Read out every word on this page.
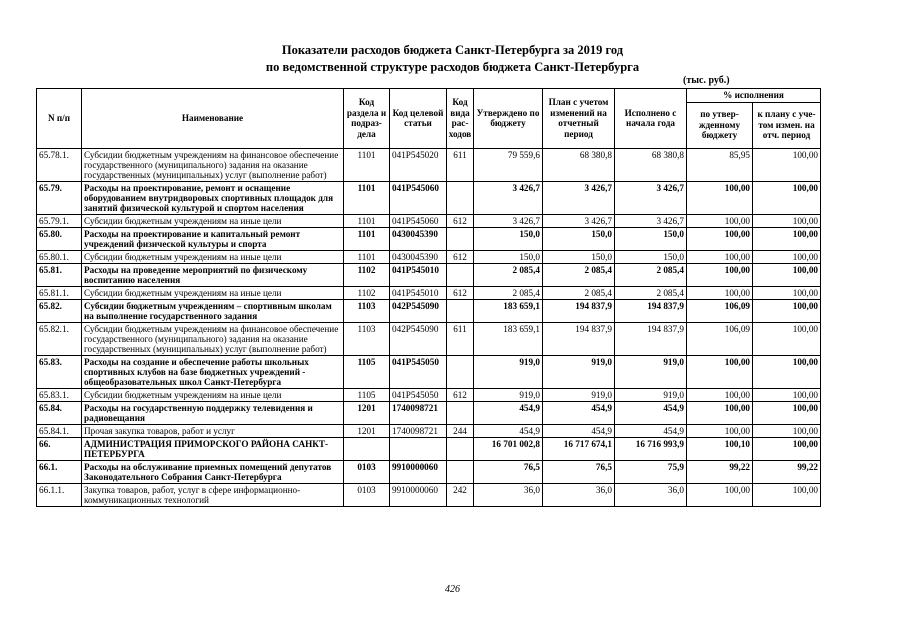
Показатели расходов бюджета Санкт-Петербурга за 2019 год
по ведомственной структуре расходов бюджета Санкт-Петербурга
(тыс. руб.)
N п/п	Наименование	Код раздела и подраз- дела	Код целевой статьи	Код вида рас- ходов	Утверждено по бюджету	План с учетом изменений на отчетный период	Исполнено с начала года	% исполнения	
								по утвер- жденному бюджету	к плану с уче- том измен. на отч. период
65.78.1.	Субсидии бюджетным учреждениям на финансовое обеспечение государственного (муниципального) задания на оказание государственных (муниципальных) услуг (выполнение работ)	1101	041P545020	611	79 559,6	68 380,8	68 380,8	85,95	100,00
65.79.	Расходы на проектирование, ремонт и оснащение оборудованием внутридворовых спортивных площадок для занятий физической культурой и спортом населения	1101	041P545060		3 426,7	3 426,7	3 426,7	100,00	100,00
65.79.1.	Субсидии бюджетным учреждениям на иные цели	1101	041P545060	612	3 426,7	3 426,7	3 426,7	100,00	100,00
65.80.	Расходы на проектирование и капитальный ремонт учреждений физической культуры и спорта	1101	0430045390		150,0	150,0	150,0	100,00	100,00
65.80.1.	Субсидии бюджетным учреждениям на иные цели	1101	0430045390	612	150,0	150,0	150,0	100,00	100,00
65.81.	Расходы на проведение мероприятий по физическому воспитанию населения	1102	041P545010		2 085,4	2 085,4	2 085,4	100,00	100,00
65.81.1.	Субсидии бюджетным учреждениям на иные цели	1102	041P545010	612	2 085,4	2 085,4	2 085,4	100,00	100,00
65.82.	Субсидии бюджетным учреждениям – спортивным школам на выполнение государственного задания	1103	042P545090		183 659,1	194 837,9	194 837,9	106,09	100,00
65.82.1.	Субсидии бюджетным учреждениям на финансовое обеспечение государственного (муниципального) задания на оказание государственных (муниципальных) услуг (выполнение работ)	1103	042P545090	611	183 659,1	194 837,9	194 837,9	106,09	100,00
65.83.	Расходы на создание и обеспечение работы школьных спортивных клубов на базе бюджетных учреждений - общеобразовательных школ Санкт-Петербурга	1105	041P545050		919,0	919,0	919,0	100,00	100,00
65.83.1.	Субсидии бюджетным учреждениям на иные цели	1105	041P545050	612	919,0	919,0	919,0	100,00	100,00
65.84.	Расходы на государственную поддержку телевидения и радиовещания	1201	1740098721		454,9	454,9	454,9	100,00	100,00
65.84.1.	Прочая закупка товаров, работ и услуг	1201	1740098721	244	454,9	454,9	454,9	100,00	100,00
66.	АДМИНИСТРАЦИЯ ПРИМОРСКОГО РАЙОНА САНКТ-ПЕТЕРБУРГА				16 701 002,8	16 717 674,1	16 716 993,9	100,10	100,00
66.1.	Расходы на обслуживание приемных помещений депутатов Законодательного Собрания Санкт-Петербурга	0103	9910000060		76,5	76,5	75,9	99,22	99,22
66.1.1.	Закупка товаров, работ, услуг в сфере информационно-коммуникационных технологий	0103	9910000060	242	36,0	36,0	36,0	100,00	100,00
426
